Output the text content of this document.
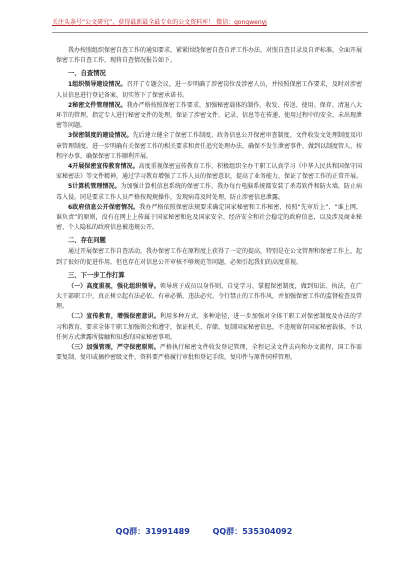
关注头条号“公文研究”，获得最新最全最专业的公文资料库！ 微信：gongwenyj

我办按照组织保密自查工作的通知要求，紧紧围绕保密自查自评工作办法，对照自查目录及自评标准，全面开展保密工作自查工作，现将自查情况报告如下。

一、自查情况

1组织领导建设情况。召开了专题会议，进一步明确了涉密岗位及涉密人员，并按照保密工作要求，及时对涉密人员信息进行登记备案，切实签下了保密承诺书。

2秘密文件管理情况。我办严格按照保密工作要求，加强秘密载体的制作、收发、传送、使用、保存、清退八大环节的管理，指定专人进行秘密文件的处理，保证了涉密文件、记录、信息等在传递、使用过程中的安全，未出现泄密等问题。

3保密制度的建设情况。先后建立健全了保密工作制度、政务信息公开保密审查制度、文件收发文处理制度及印章管理制度。进一步明确有关保密工作的相关要求和责任追究处理办法，确保不发生泄密事件，做到以制度管人、按程序办事，确保保密工作顺利开展。

4开展保密宣传教育情况。高度重视保密宣传教育工作，积极组织全办干职工认真学习《中华人民共和国保守国家秘密法》等文件精神，通过学习教育增强了工作人员的保密意识，提高了业务能力，保证了保密工作的正常开展。

5计算机管理情况。为加强计算机信息系统的保密工作，我办每台电脑系统都安装了杀毒软件和防火墙，防止病毒入侵。同是要求工作人员严格按现规操作，发现病毒及时处理，防止涉密信息泄露。

6政府信息公开保密情况。我办严格依照保密法规要求确定国家秘密和工作秘密，按照“先审后上”、“谁上网，谁负责”的原则，没有在网上上传属于国家秘密和危及国家安全、经济安全和社会稳定的政府信息，以及涉及商业秘密、个人隐私的政府信息被违规公开。

二、存在问题

通过开展保密工作自查活动，我办保密工作在原程度上获得了一定的提高，特别是在公文管理和保密工作上，起到了很好的促进作用。但也存在对信息公开审核不够规范等问题，必须引起我们的高度重视。

三、下一步工作打算

（一）高度重视，强化组织领导。领导班子成员以身作则，自觉学习、掌握保密制度，做到知法、执法，在广大干部职工中，真正树立起有法必依、有章必循、违法必究、令行禁止的工作作风，并加强保密工作的监督检查及管理。

（二）宣传教育，增强保密意识。利用多种方式、多种途径，进一步加强对全体干职工对保密制度及办法的学习和教育，要求全体干职工加强领会和遵守，保证机关、存储、复制国家秘密信息，不违规留存国家秘密载体，不以任何方式泄露所接触和知悉的国家秘密事项。

（三）加强管理，严守保密原则。严格执行秘密文件收发登记管理，全程记录文件去向和办文流程，国工作需要复制、复印或摘抄密级文件，资料要严格履行审批和登记手续，复印件与原件同样管理。

QQ群：31991489	QQ群：535304092
